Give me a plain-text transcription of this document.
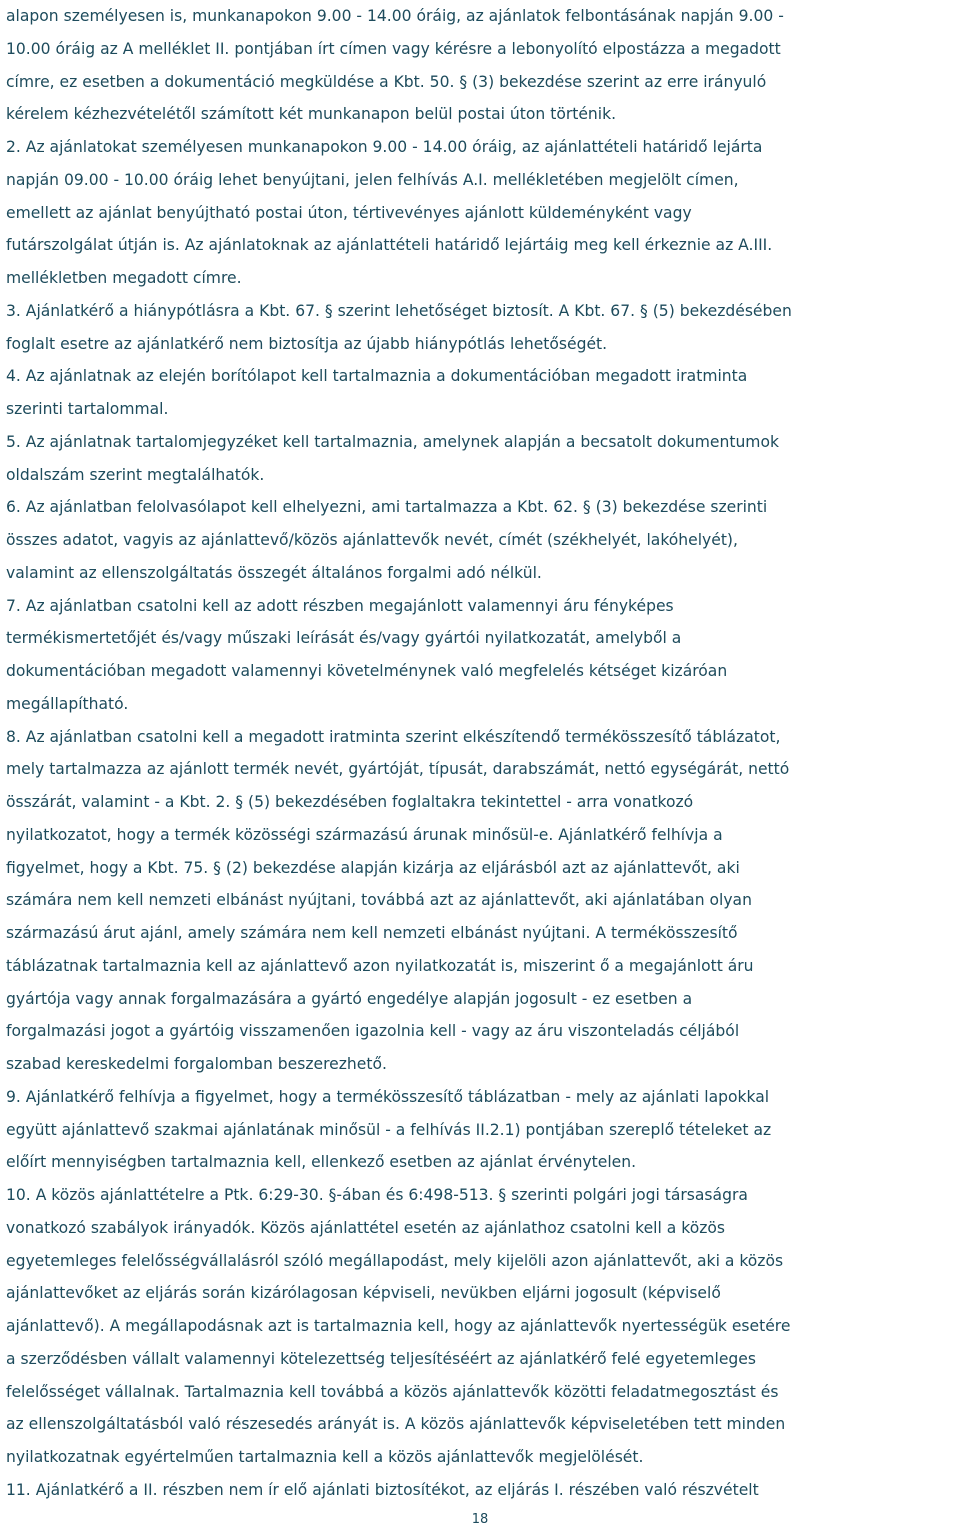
alapon személyesen is, munkanapokon 9.00 - 14.00 óráig, az ajánlatok felbontásának napján 9.00 -
10.00 óráig az A melléklet II. pontjában írt címen vagy kérésre a lebonyolító elpostázza a megadott
címre, ez esetben a dokumentáció megküldése a Kbt. 50. § (3) bekezdése szerint az erre irányuló
kérelem kézhezvételétől számított két munkanapon belül postai úton történik.
2. Az ajánlatokat személyesen munkanapokon 9.00 - 14.00 óráig, az ajánlattételi határidő lejárta
napján 09.00 - 10.00 óráig lehet benyújtani, jelen felhívás A.I. mellékletében megjelölt címen,
emellett az ajánlat benyújtható postai úton, tértivevényes ajánlott küldeményként vagy
futárszolgálat útján is. Az ajánlatoknak az ajánlattételi határidő lejártáig meg kell érkeznie az A.III.
mellékletben megadott címre.
3. Ajánlatkérő a hiánypótlásra a Kbt. 67. § szerint lehetőséget biztosít. A Kbt. 67. § (5) bekezdésében
foglalt esetre az ajánlatkérő nem biztosítja az újabb hiánypótlás lehetőségét.
4. Az ajánlatnak az elején borítólapot kell tartalmaznia a dokumentációban megadott iratminta
szerinti tartalommal.
5. Az ajánlatnak tartalomjegyzéket kell tartalmaznia, amelynek alapján a becsatolt dokumentumok
oldalszám szerint megtalálhatók.
6. Az ajánlatban felolvasólapot kell elhelyezni, ami tartalmazza a Kbt. 62. § (3) bekezdése szerinti
összes adatot, vagyis az ajánlattevő/közös ajánlattevők nevét, címét (székhelyét, lakóhelyét),
valamint az ellenszolgáltatás összegét általános forgalmi adó nélkül.
7. Az ajánlatban csatolni kell az adott részben megajánlott valamennyi áru fényképes
termékismertetőjét és/vagy műszaki leírását és/vagy gyártói nyilatkozatát, amelyből a
dokumentációban megadott valamennyi követelménynek való megfelelés kétséget kizáróan
megállapítható.
8. Az ajánlatban csatolni kell a megadott iratminta szerint elkészítendő termékösszesítő táblázatot,
mely tartalmazza az ajánlott termék nevét, gyártóját, típusát, darabszámát, nettó egységárát, nettó
összárát, valamint - a Kbt. 2. § (5) bekezdésében foglaltakra tekintettel - arra vonatkozó
nyilatkozatot, hogy a termék közösségi származású árunak minősül-e. Ajánlatkérő felhívja a
figyelmet, hogy a Kbt. 75. § (2) bekezdése alapján kizárja az eljárásból azt az ajánlattevőt, aki
számára nem kell nemzeti elbánást nyújtani, továbbá azt az ajánlattevőt, aki ajánlatában olyan
származású árut ajánl, amely számára nem kell nemzeti elbánást nyújtani. A termékösszesítő
táblázatnak tartalmaznia kell az ajánlattevő azon nyilatkozatát is, miszerint ő a megajánlott áru
gyártója vagy annak forgalmazására a gyártó engedélye alapján jogosult - ez esetben a
forgalmazási jogot a gyártóig visszamenően igazolnia kell - vagy az áru viszonteladás céljából
szabad kereskedelmi forgalomban beszerezhető.
9. Ajánlatkérő felhívja a figyelmet, hogy a termékösszesítő táblázatban - mely az ajánlati lapokkal
együtt ajánlattevő szakmai ajánlatának minősül - a felhívás II.2.1) pontjában szereplő tételeket az
előírt mennyiségben tartalmaznia kell, ellenkező esetben az ajánlat érvénytelen.
10. A közös ajánlattételre a Ptk. 6:29-30. §-ában és 6:498-513. § szerinti polgári jogi társaságra
vonatkozó szabályok irányadók. Közös ajánlattétel esetén az ajánlathoz csatolni kell a közös
egyetemleges felelősségvállalásról szóló megállapodást, mely kijelöli azon ajánlattevőt, aki a közös
ajánlattevőket az eljárás során kizárólagosan képviseli, nevükben eljárni jogosult (képviselő
ajánlattevő). A megállapodásnak azt is tartalmaznia kell, hogy az ajánlattevők nyertességük esetére
a szerződésben vállalt valamennyi kötelezettség teljesítéséért az ajánlatkérő felé egyetemleges
felelősséget vállalnak. Tartalmaznia kell továbbá a közös ajánlattevők közötti feladatmegosztást és
az ellenszolgáltatásból való részesedés arányát is. A közös ajánlattevők képviseletében tett minden
nyilatkozatnak egyértelműen tartalmaznia kell a közös ajánlattevők megjelölését.
11. Ajánlatkérő a II. részben nem ír elő ajánlati biztosítékot, az eljárás I. részében való részvételt
18
